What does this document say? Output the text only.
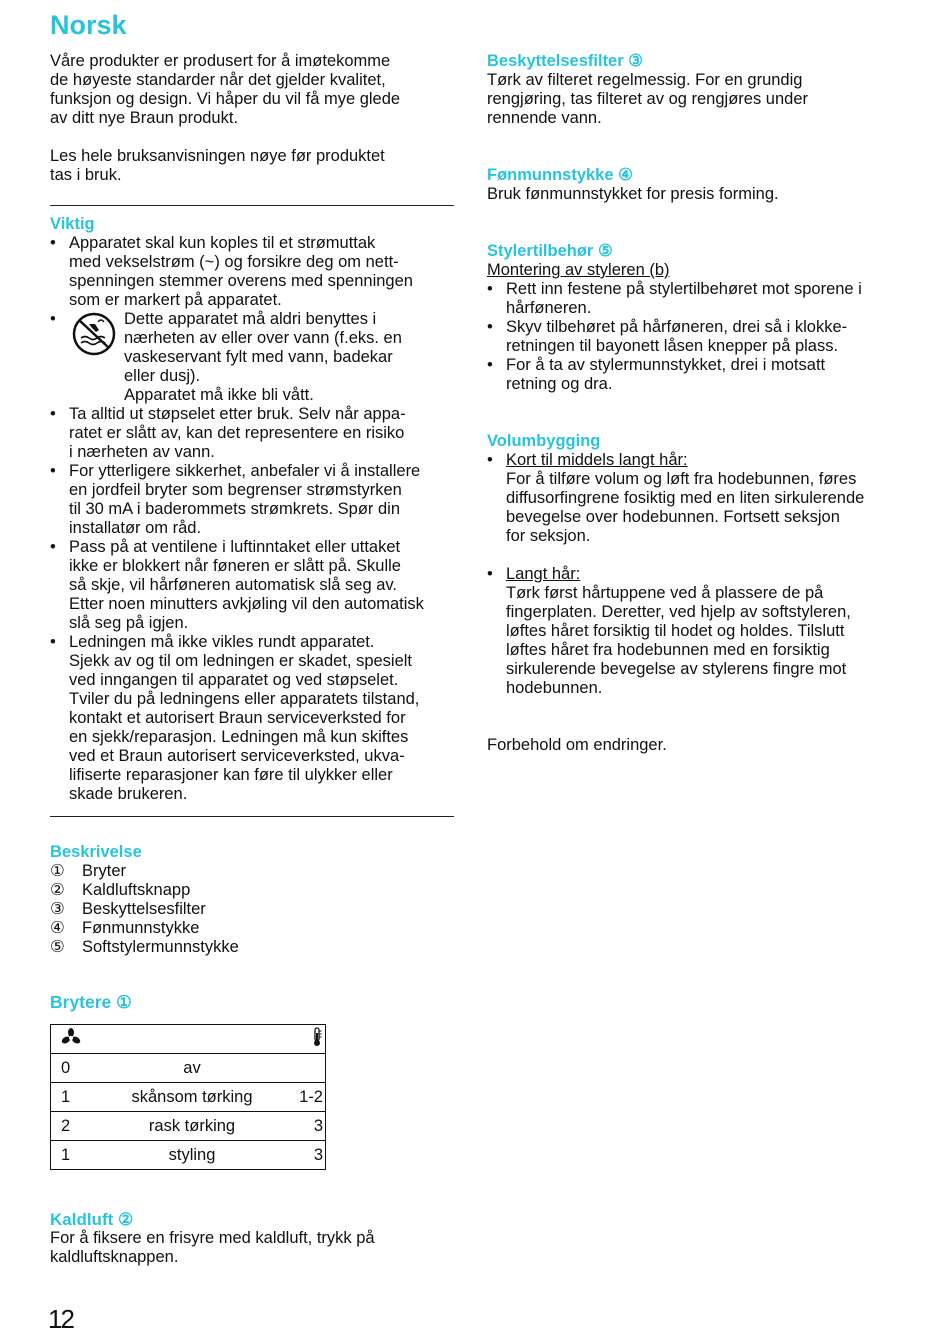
Norsk

Våre produkter er produsert for å imøtekomme
de høyeste standarder når det gjelder kvalitet,
funksjon og design. Vi håper du vil få mye glede
av ditt nye Braun produkt.

Les hele bruksanvisningen nøye før produktet
tas i bruk.

Viktig
• Apparatet skal kun koples til et strømuttak
med vekselstrøm (~) og forsikre deg om nett-
spenningen stemmer overens med spenningen
som er markert på apparatet.
• Dette apparatet må aldri benyttes i
nærheten av eller over vann (f.eks. en
vaskeservant fylt med vann, badekar
eller dusj).
Apparatet må ikke bli vått.
• Ta alltid ut støpselet etter bruk. Selv når appa-
ratet er slått av, kan det representere en risiko
i nærheten av vann.
• For ytterligere sikkerhet, anbefaler vi å installere
en jordfeil bryter som begrenser strømstyrken
til 30 mA i baderommets strømkrets. Spør din
installatør om råd.
• Pass på at ventilene i luftinntaket eller uttaket
ikke er blokkert når føneren er slått på. Skulle
så skje, vil hårføneren automatisk slå seg av.
Etter noen minutters avkjøling vil den automatisk
slå seg på igjen.
• Ledningen må ikke vikles rundt apparatet.
Sjekk av og til om ledningen er skadet, spesielt
ved inngangen til apparatet og ved støpselet.
Tviler du på ledningens eller apparatets tilstand,
kontakt et autorisert Braun serviceverksted for
en sjekk/reparasjon. Ledningen må kun skiftes
ved et Braun autorisert serviceverksted, ukva-
lifiserte reparasjoner kan føre til ulykker eller
skade brukeren.
Beskrivelse
①	Bryter
②	Kaldluftsknapp
③	Beskyttelsesfilter
④	Fønmunnstykke
⑤	Softstylermunnstykke
Brytere ①

0	av	
1	skånsom tørking	1-2
2	rask tørking	3
1	styling	3
Kaldluft ②

For å fiksere en frisyre med kaldluft, trykk på
kaldluftsknappen.

Beskyttelsesfilter ③

Tørk av filteret regelmessig. For en grundig
rengjøring, tas filteret av og rengjøres under
rennende vann.

Fønmunnstykke ④

Bruk fønmunnstykket for presis forming.

Stylertilbehør ⑤
Montering av styleren (b)
• Rett inn festene på stylertilbehøret mot sporene i
hårføneren.
• Skyv tilbehøret på hårføneren, drei så i klokke-
retningen til bayonett låsen knepper på plass.
• For å ta av stylermunnstykket, drei i motsatt
retning og dra.
Volumbygging
• Kort til middels langt hår:
For å tilføre volum og løft fra hodebunnen, føres
diffusorfingrene fosiktig med en liten sirkulerende
bevegelse over hodebunnen. Fortsett seksjon
for seksjon.
• Langt hår:
Tørk først hårtuppene ved å plassere de på
fingerplaten. Deretter, ved hjelp av softstyleren,
løftes håret forsiktig til hodet og holdes. Tilslutt
løftes håret fra hodebunnen med en forsiktig
sirkulerende bevegelse av stylerens fingre mot
hodebunnen.

Forbehold om endringer.

12
